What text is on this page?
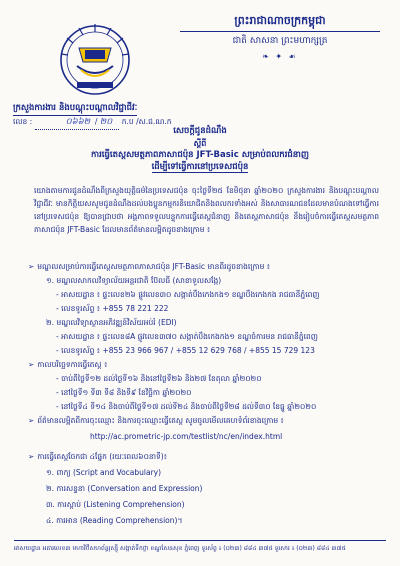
ព្រះរាជាណាចក្រកម្ពុជា
ជាតិ សាសនា ព្រះមហាក្សត្រ
❧ ✦ ☙
ក្រសួងការងារ និងបណ្ដុះបណ្ដាលវិជ្ជាជីវៈ
លេខ :	០៦៦២  / ២០ ក.ប /ស.ជ.ណ.ក
សេចក្ដីជូនដំណឹង
ស្ដីពី
ការធ្វើតេស្ដសមត្ថភាពភាសាជប៉ុន JFT-Basic សម្រាប់ពលករជំនាញ
ដើម្បីទៅធ្វើការនៅប្រទេសជប៉ុន
យោងតាមការជូនដំណឹងពីក្រសួងយុត្តិធម៌នៃប្រទេសជប៉ុន ចុះថ្ងៃទី២៥ ខែមិថុនា ឆ្នាំ២០២០ ក្រសួងការងារ និងបណ្ដុះបណ្ដាលវិជ្ជាជីវៈ មានកិត្តិយសសូមជូនដំណឹងដល់បងប្អូនកម្មករនិយោជិតនិងពលករទាំងអស់ និងសាធារណជនដែលមានបំណងទៅធ្វើការនៅប្រទេសជប៉ុន ឱ្យបានជ្រាបថា អង្គភាពទទួលបន្ទុកការធ្វើតេស្ដជំនាញ និងតេស្ដភាសាជប៉ុន នឹងរៀបចំការធ្វើតេស្ដសមត្ថភាពភាសាជប៉ុន JFT-Basic ដែលមានព័ត៌មានលម្អិតដូចខាងក្រោម ៖
➢ មណ្ឌលសម្រាប់ការធ្វើតេស្ដសមត្ថភាពភាសាជប៉ុន JFT-Basic មានពីរដូចខាងក្រោម ៖
១. មណ្ឌលសាកលវិទ្យាល័យអន្ដរជាតិ ប៊ែលធី (សាខាទួលសង្កែ)
- អាសយដ្ឋាន ៖ ផ្ទះលេខ២៦ ផ្លូវលេខ៣០ សង្កាត់បឹងកេងកង១ ខណ្ឌបឹងកេងកង រាជធានីភ្នំពេញ
- លេខទូរស័ព្ទ ៖ +855 78 221 222
២. មណ្ឌលវិទ្យាស្ថានអភិវឌ្ឍន៍វិស័យអប់រំ (EDI)
- អាសយដ្ឋាន ៖ ផ្ទះលេខ៨A ផ្លូវលេខ៣៧០ សង្កាត់បឹងកេងកង១ ខណ្ឌចំការមន រាជធានីភ្នំពេញ
- លេខទូរស័ព្ទ ៖ +855 23 966 967 / +855 12 629 768 / +855 15 729 123
➢ កាលបរិច្ឆេទការធ្វើតេស្ដ ៖
- ចាប់ពីថ្ងៃទី១២ ដល់ថ្ងៃទី១៦ និងនៅថ្ងៃទី២៦ និង២៧ ខែតុលា ឆ្នាំ២០២០
- នៅថ្ងៃទី១ ទី៣ ទី៨ និងទី៩ ខែវិច្ឆិកា ឆ្នាំ២០២០
- នៅថ្ងៃទី៤ ទី១៤ និងចាប់ពីថ្ងៃទី១៧ ដល់ទី២៤ និងចាប់ពីថ្ងៃទី២៨ ដល់ទី៣០ ខែធ្នូ ឆ្នាំ២០២០
➢ ព័ត៌មានលម្អិតពីការចុះឈ្មោះ និងការចុះឈ្មោះធ្វើតេស្ដ សូមចូលមើលគេហទំព័រខាងក្រោម ៖
http://ac.prometric-jp.com/testlist/nc/en/index.html
➢ ការធ្វើតេស្ដចែកជា ៤ផ្នែក (រយៈពេល៦០នាទី)៖
១. ពាក្យ (Script and Vocabulary)
២. ការសន្ទនា (Conversation and Expression)
៣. ការស្ដាប់ (Listening Comprehension)
៤. ការអាន (Reading Comprehension)។
អាសយដ្ឋាន អគារលេខ៣ មហាវិថីសហព័ន្ធរុស្ស៊ី សង្កាត់ទឹកថ្លា ខណ្ឌសែនសុខ ភ្នំពេញ ទូរស័ព្ទ ៖ (០២៣) ៨៨៤ ៣៧៥ ទូរសារ ៖ (០២៣) ៨៨៤ ៣៧៥
